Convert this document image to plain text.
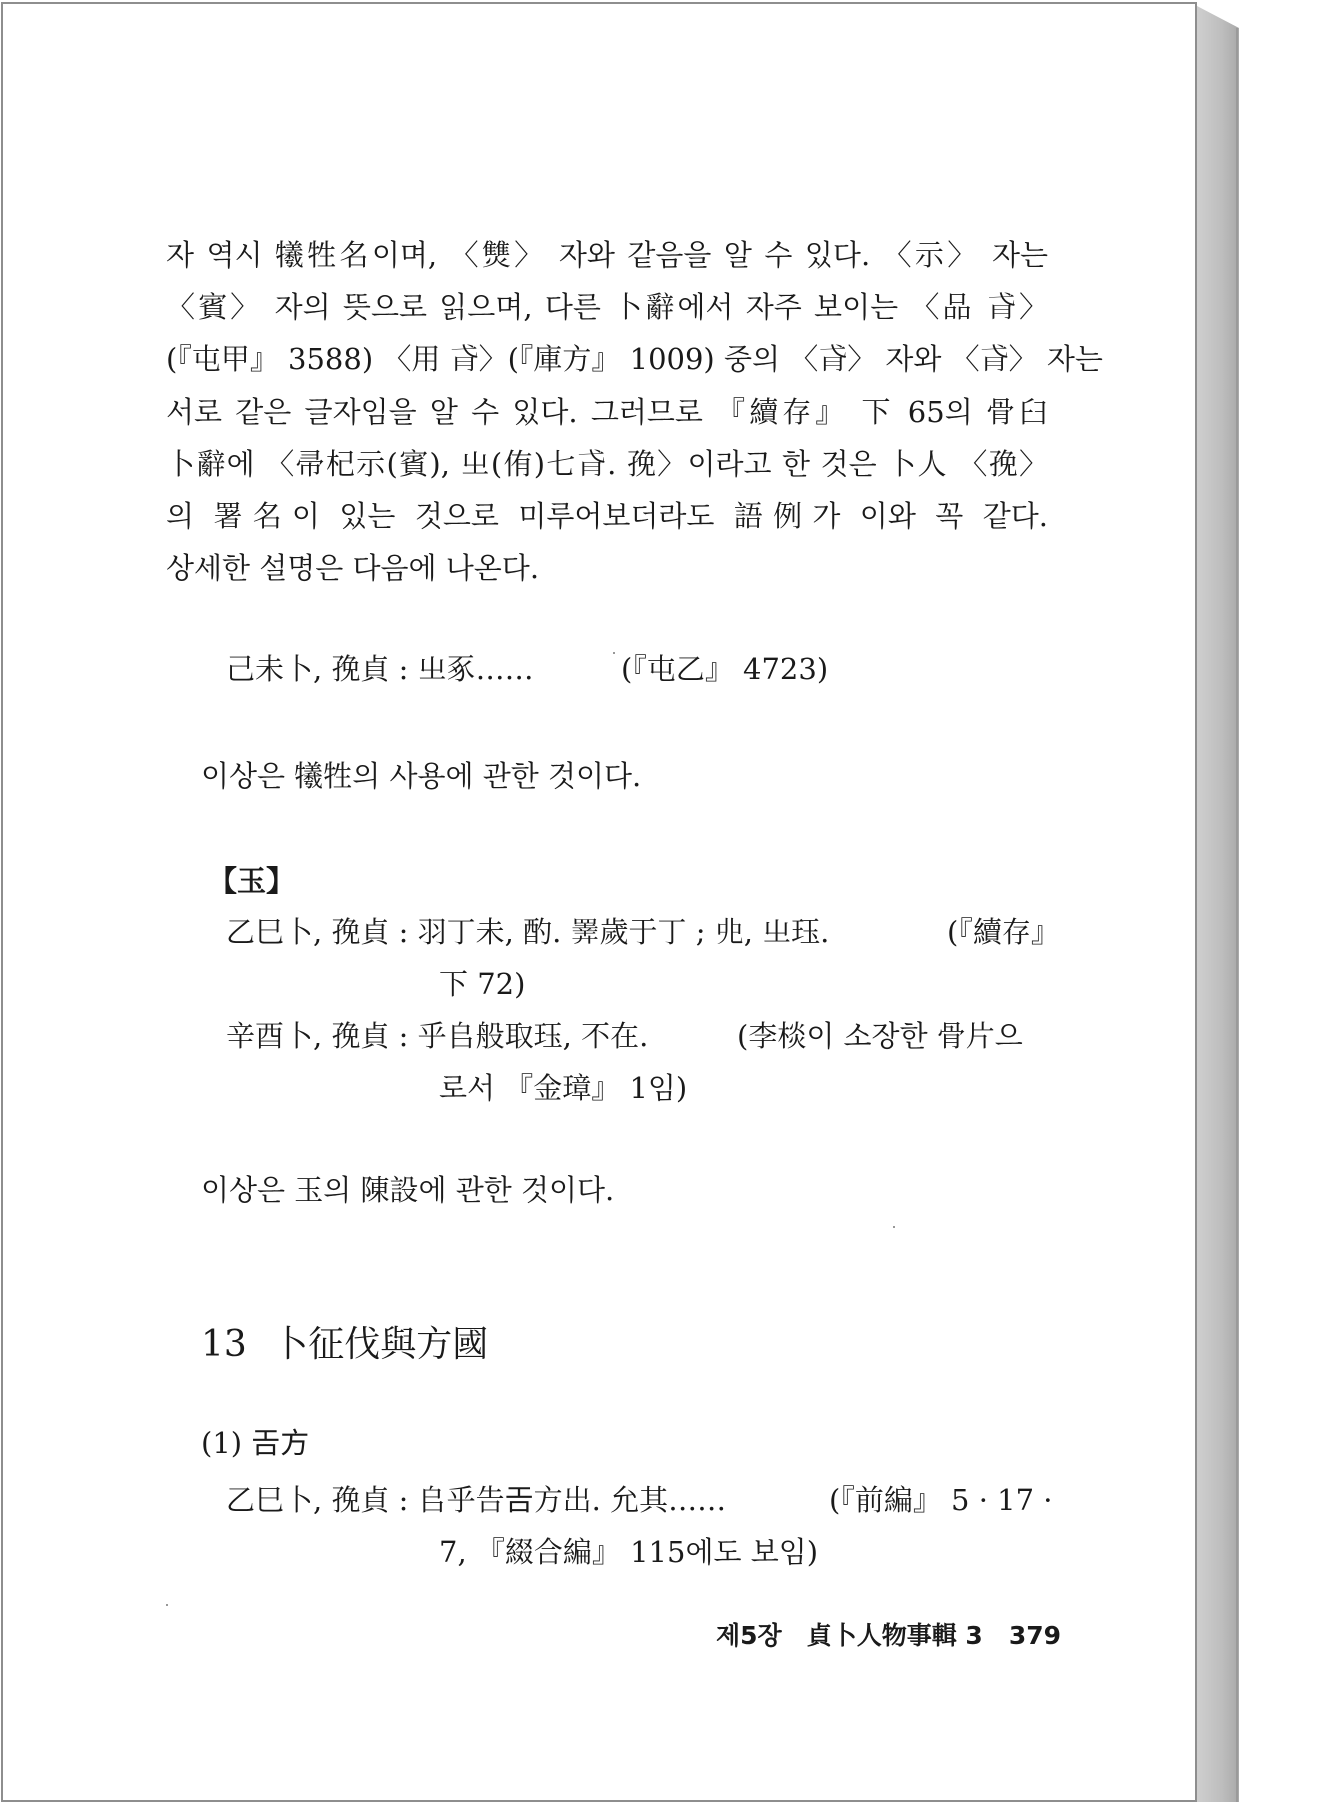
자 역시 犧牲名이며, 〈㸈〉 자와 같음을 알 수 있다. 〈示〉 자는
〈賓〉 자의 뜻으로 읽으며, 다른 卜辭에서 자주 보이는 〈品 𢎀〉
(『屯甲』 3588) 〈用 𢎀〉(『庫方』 1009) 중의 〈𢎀〉 자와 〈𢎀〉 자는
서로 같은 글자임을 알 수 있다. 그러므로 『續存』 下 65의 骨臼
卜辭에 〈帚杞示(賓), 㞢(侑)七𢎀. 㝃〉이라고 한 것은 卜人 〈㝃〉
의 署名이 있는 것으로 미루어보더라도 語例가 이와 꼭 같다.
상세한 설명은 다음에 나온다.
己未卜, 㝃貞 : 㞢豖……	(『屯乙』 4723)
이상은 犧牲의 사용에 관한 것이다.
【玉】
乙巳卜, 㝃貞 : 羽丁未, 酌. 𢍰歲于丁 ; 𠑹, 㞢珏.	(『續存』
下 72)
辛酉卜, 㝃貞 : 乎𠂤般取珏, 不在.	(李棪이 소장한 骨片으
로서 『金璋』 1임)
이상은 玉의 陳設에 관한 것이다.
13 卜征伐與方國
(1) 𢀛方
乙巳卜, 㝃貞 : 𠂤乎告𢀛方出. 允其……	(『前編』 5 · 17 ·
7, 『綴合編』 115에도 보임)
제5장　貞卜人物事輯 3 379
